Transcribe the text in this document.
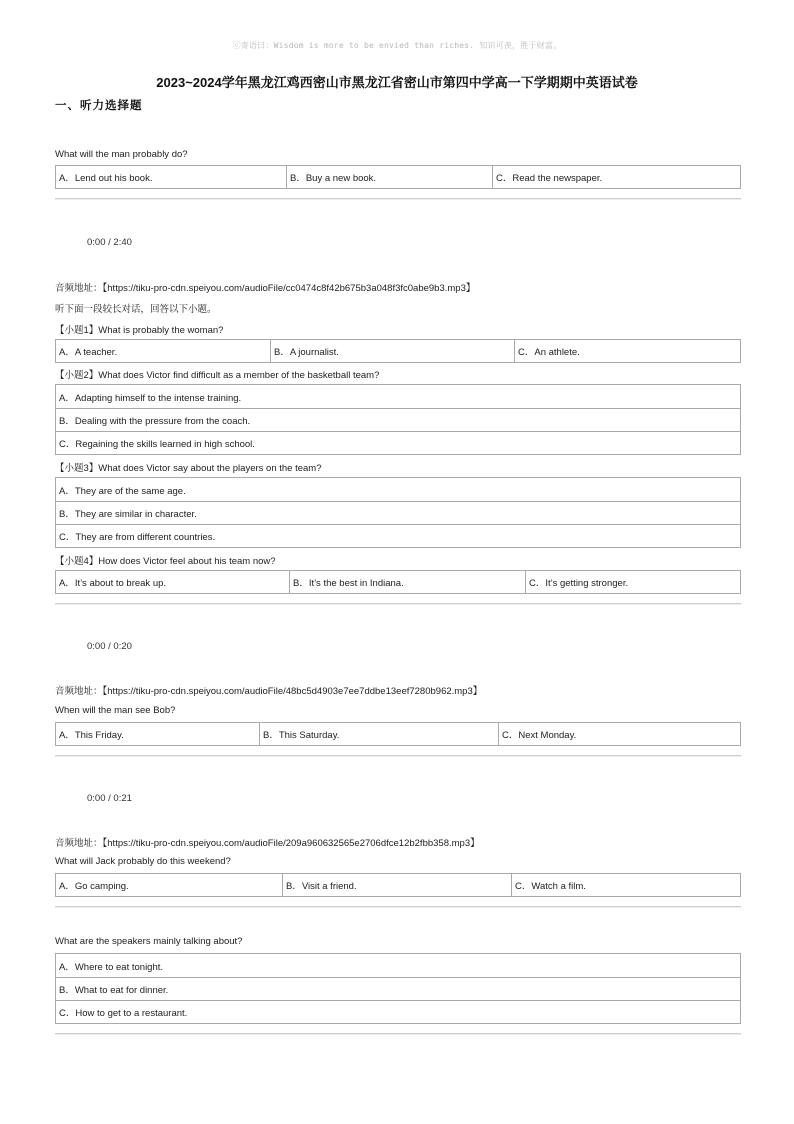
ⓒ寄语曰：Wisdom is more to be envied than riches. 知识可羡，胜于财富。
2023~2024学年黑龙江鸡西密山市黑龙江省密山市第四中学高一下学期期中英语试卷
一、听力选择题
What will the man probably do?
A．Lend out his book.	B．Buy a new book.	C．Read the newspaper.
0:00 / 2:40
音频地址：【https://tiku-pro-cdn.speiyou.com/audioFile/cc0474c8f42b675b3a048f3fc0abe9b3.mp3】
听下面一段较长对话，回答以下小题。
【小题1】What is probably the woman?
A．A teacher.	B．A journalist.	C．An athlete.
【小题2】What does Victor find difficult as a member of the basketball team?
A．Adapting himself to the intense training.
B．Dealing with the pressure from the coach.
C．Regaining the skills learned in high school.
【小题3】What does Victor say about the players on the team?
A．They are of the same age.
B．They are similar in character.
C．They are from different countries.
【小题4】How does Victor feel about his team now?
A．It’s about to break up.	B．It’s the best in Indiana.	C．It’s getting stronger.
0:00 / 0:20
音频地址：【https://tiku-pro-cdn.speiyou.com/audioFile/48bc5d4903e7ee7ddbe13eef7280b962.mp3】
When will the man see Bob?
A．This Friday.	B．This Saturday.	C．Next Monday.
0:00 / 0:21
音频地址：【https://tiku-pro-cdn.speiyou.com/audioFile/209a960632565e2706dfce12b2fbb358.mp3】
What will Jack probably do this weekend?
A．Go camping.	B．Visit a friend.	C．Watch a film.
What are the speakers mainly talking about?
A．Where to eat tonight.
B．What to eat for dinner.
C．How to get to a restaurant.
